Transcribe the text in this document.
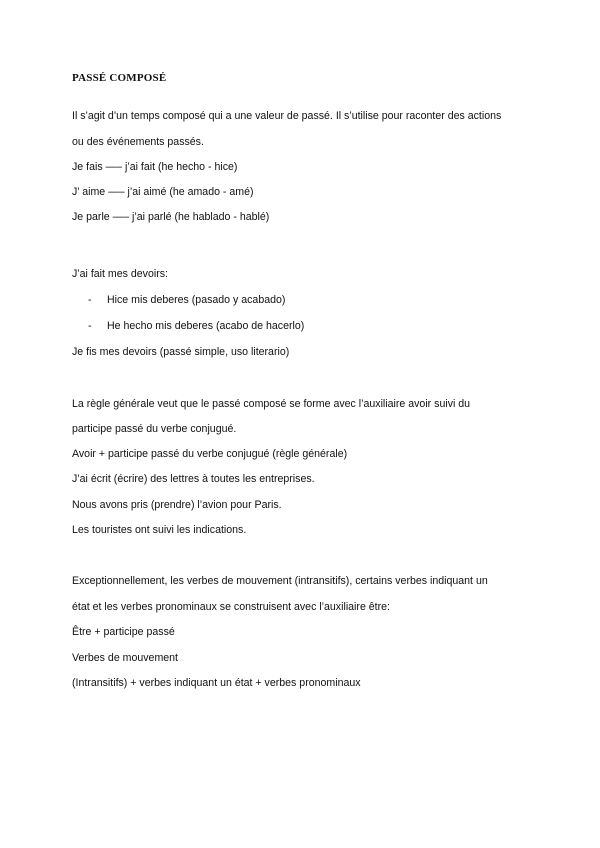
PASSÉ COMPOSÉ
Il s’agit d’un temps composé qui a une valeur de passé. Il s’utilise pour raconter des actions
ou des événements passés.
Je fais —– j’ai fait (he hecho - hice)
J’ aime —– j’ai aimé (he amado - amé)
Je parle —– j’ai parlé (he hablado - hablé)
J’ai fait mes devoirs:
- Hice mis deberes (pasado y acabado)
- He hecho mis deberes (acabo de hacerlo)
Je fis mes devoirs (passé simple, uso literario)
La règle générale veut que le passé composé se forme avec l’auxiliaire avoir suivi du
participe passé du verbe conjugué.
Avoir + participe passé du verbe conjugué (règle générale)
J’ai écrit (écrire) des lettres à toutes les entreprises.
Nous avons pris (prendre) l’avion pour Paris.
Les touristes ont suivi les indications.
Exceptionnellement, les verbes de mouvement (intransitifs), certains verbes indiquant un
état et les verbes pronominaux se construisent avec l’auxiliaire être:
Être + participe passé
Verbes de mouvement
(Intransitifs) + verbes indiquant un état + verbes pronominaux
